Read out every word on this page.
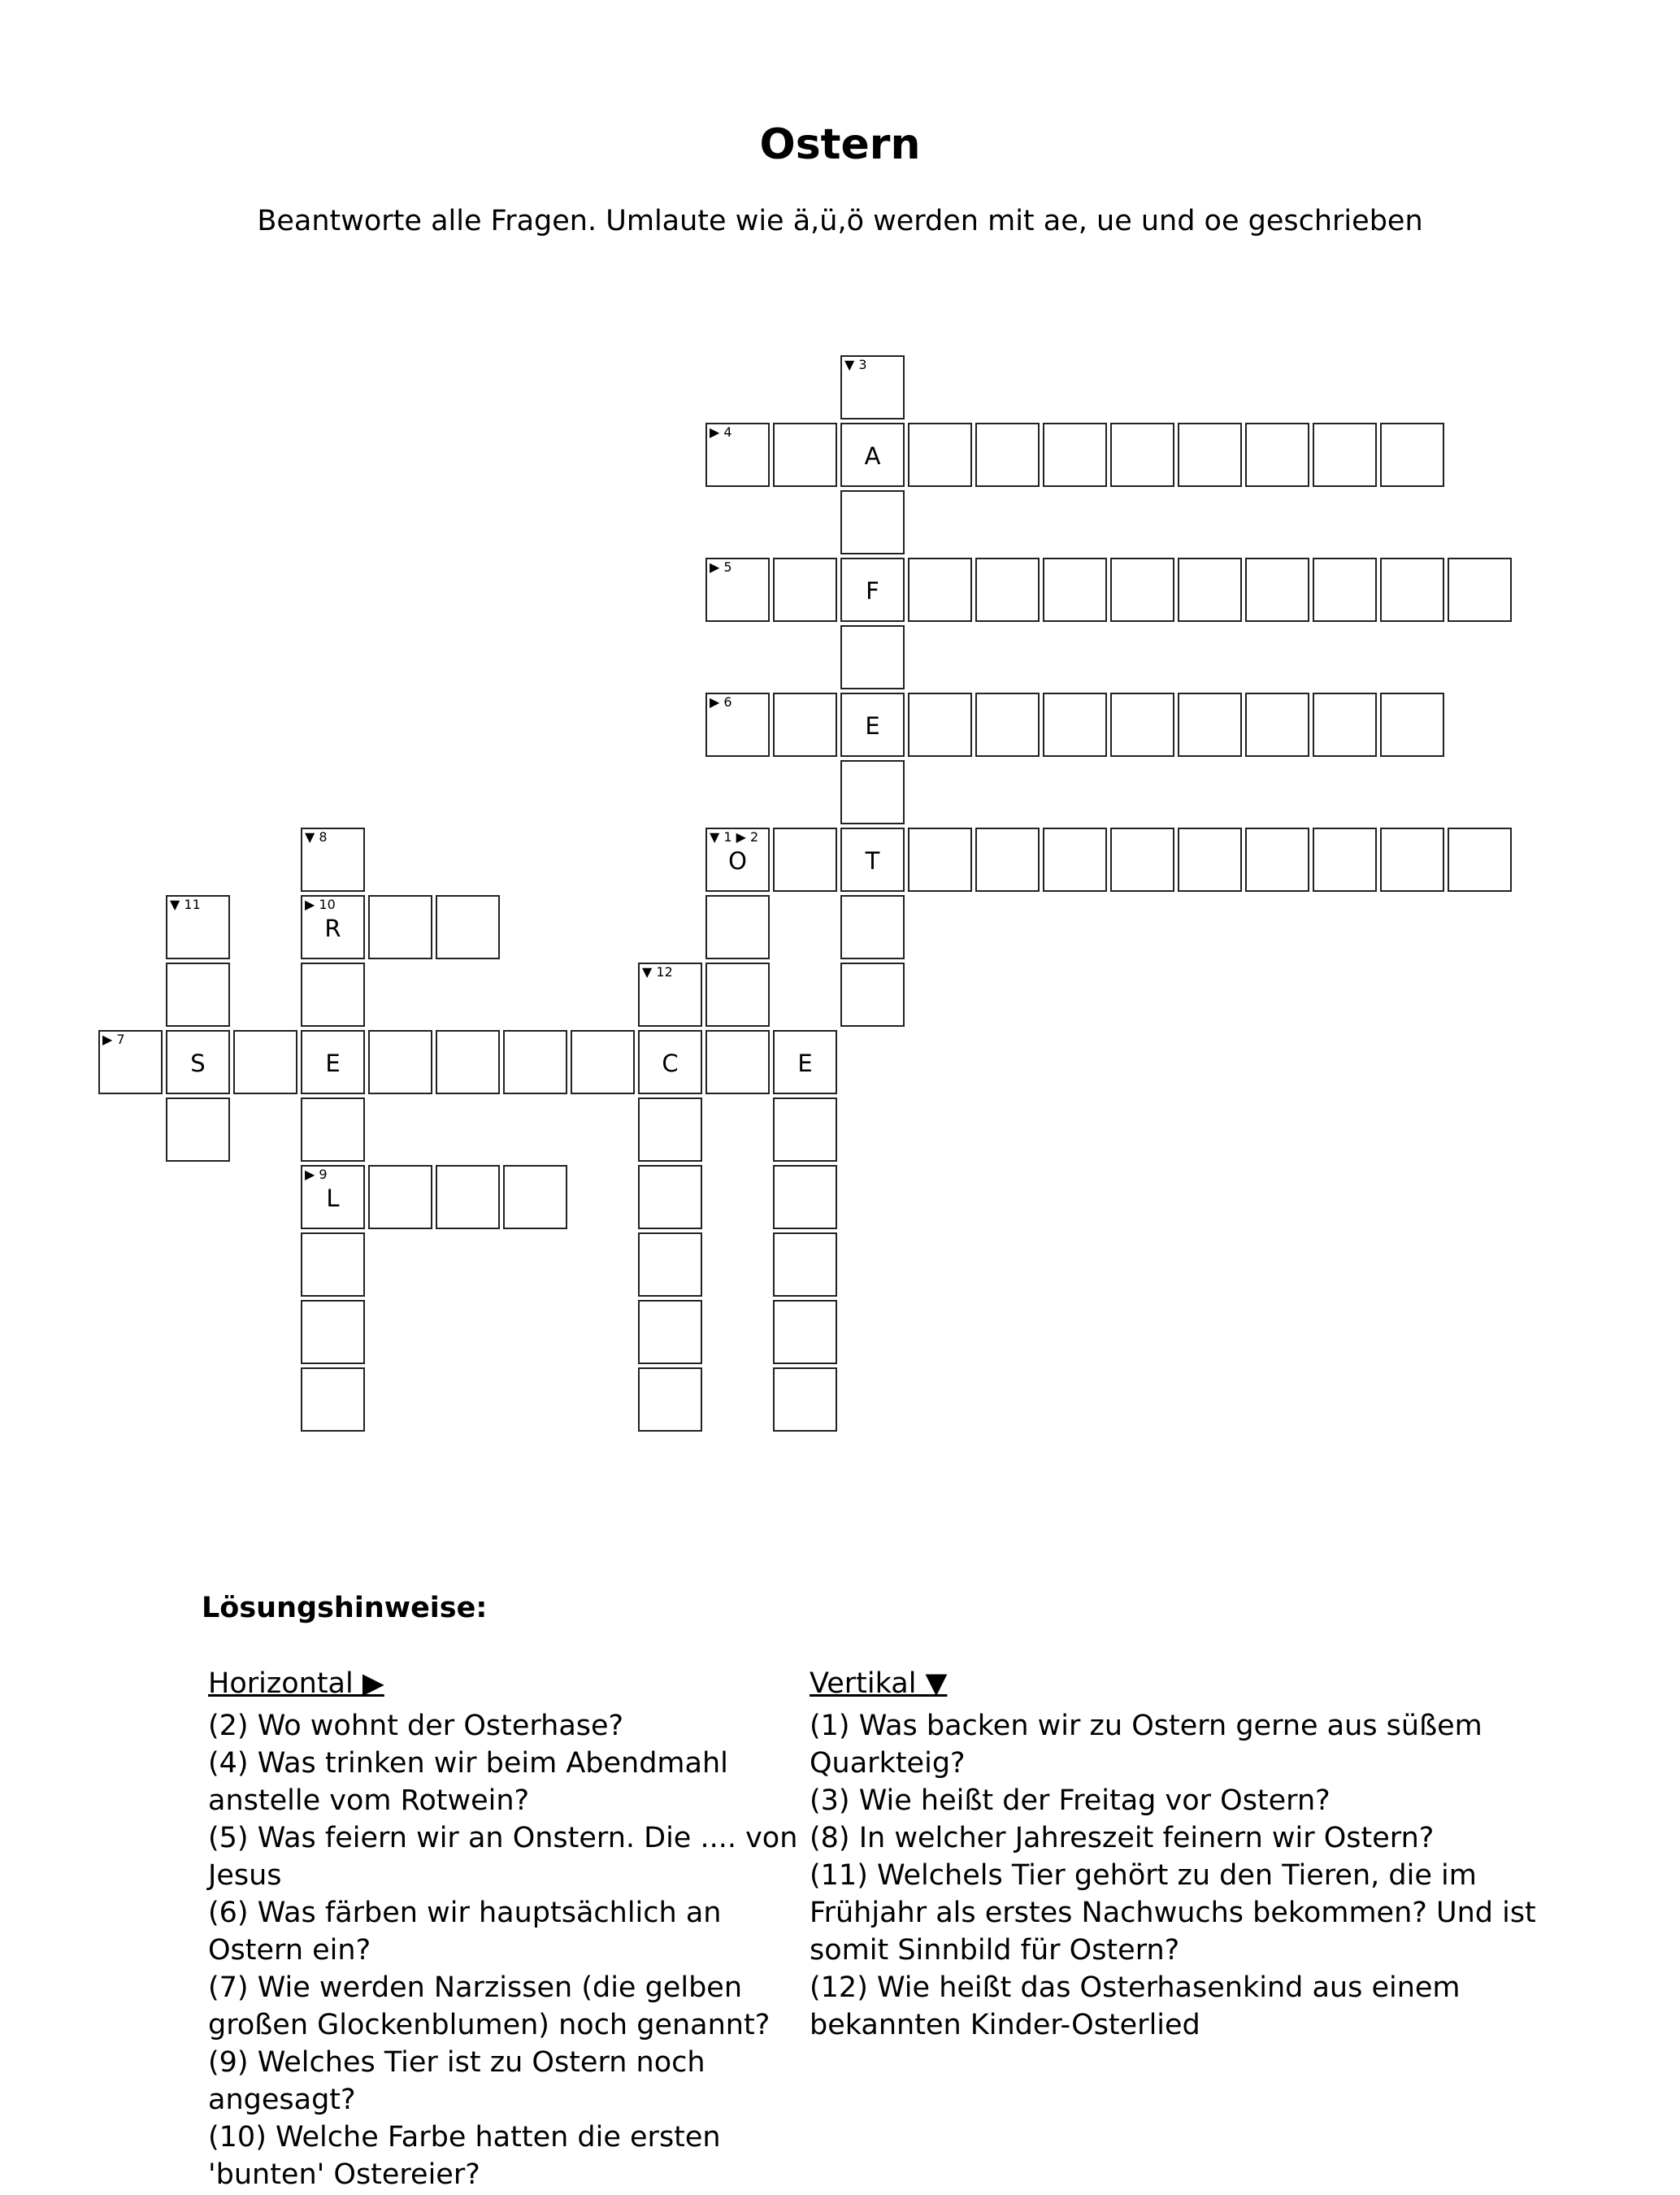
Ostern

Beantworte alle Fragen. Umlaute wie ä,ü,ö werden mit ae, ue und oe geschrieben

▼ 3
▶ 4
A
▶ 5
F
▶ 6
E
▼ 8	▼ 1 ▶ 2
O	T
▼ 11	▶ 10
R
▼ 12
▶ 7
S	E	C	E
▶ 9
L
Lösungshinweise:

Horizontal ▶

(2) Wo wohnt der Osterhase?

(4) Was trinken wir beim Abendmahl anstelle vom Rotwein?

(5) Was feiern wir an Onstern. Die .... von Jesus

(6) Was färben wir hauptsächlich an Ostern ein?

(7) Wie werden Narzissen (die gelben großen Glockenblumen) noch genannt?

(9) Welches Tier ist zu Ostern noch angesagt?

(10) Welche Farbe hatten die ersten 'bunten' Ostereier?

Vertikal ▼

(1) Was backen wir zu Ostern gerne aus süßem Quarkteig?

(3) Wie heißt der Freitag vor Ostern?

(8) In welcher Jahreszeit feinern wir Ostern?

(11) Welchels Tier gehört zu den Tieren, die im Frühjahr als erstes Nachwuchs bekommen? Und ist somit Sinnbild für Ostern?

(12) Wie heißt das Osterhasenkind aus einem bekannten Kinder-Osterlied
